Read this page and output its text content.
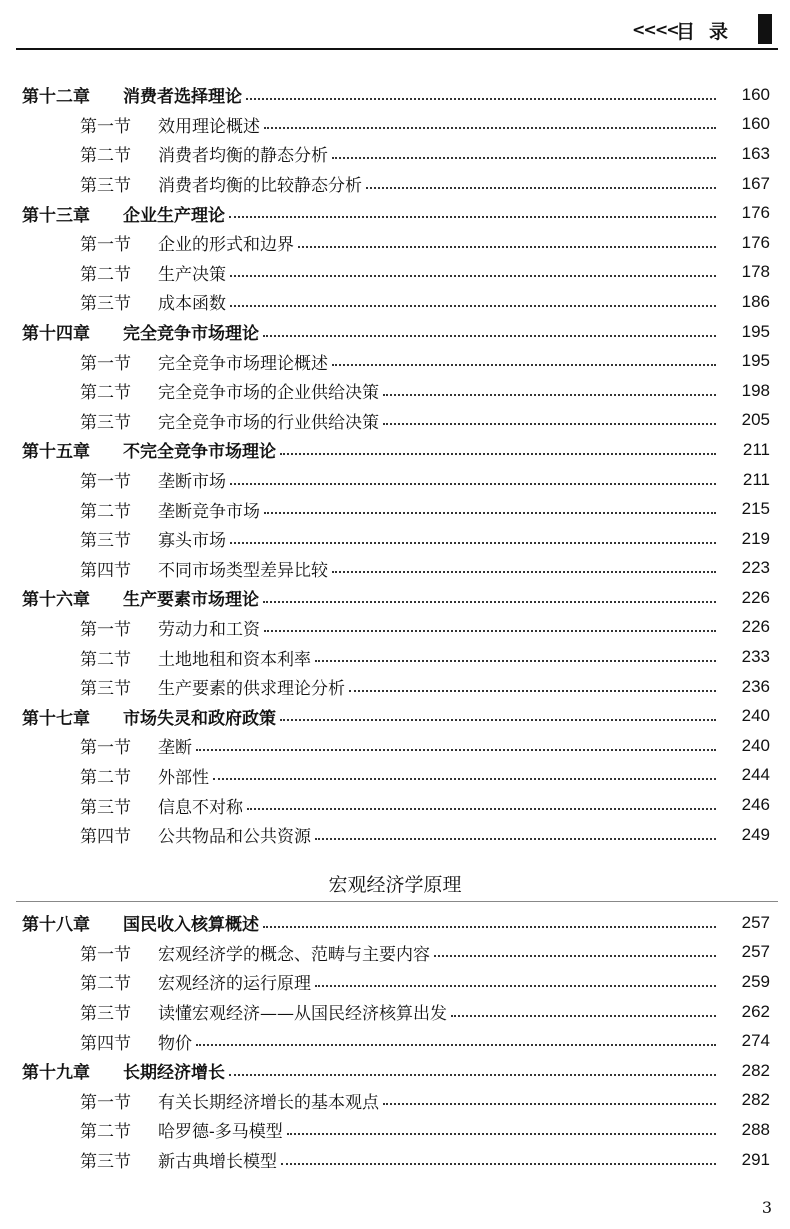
<<<<
目录
第十二章	消费者选择理论	160
第一节	效用理论概述	160
第二节	消费者均衡的静态分析	163
第三节	消费者均衡的比较静态分析	167
第十三章	企业生产理论	176
第一节	企业的形式和边界	176
第二节	生产决策	178
第三节	成本函数	186
第十四章	完全竞争市场理论	195
第一节	完全竞争市场理论概述	195
第二节	完全竞争市场的企业供给决策	198
第三节	完全竞争市场的行业供给决策	205
第十五章	不完全竞争市场理论	211
第一节	垄断市场	211
第二节	垄断竞争市场	215
第三节	寡头市场	219
第四节	不同市场类型差异比较	223
第十六章	生产要素市场理论	226
第一节	劳动力和工资	226
第二节	土地地租和资本利率	233
第三节	生产要素的供求理论分析	236
第十七章	市场失灵和政府政策	240
第一节	垄断	240
第二节	外部性	244
第三节	信息不对称	246
第四节	公共物品和公共资源	249
宏观经济学原理
第十八章	国民收入核算概述	257
第一节	宏观经济学的概念、范畴与主要内容	257
第二节	宏观经济的运行原理	259
第三节	读懂宏观经济——从国民经济核算出发	262
第四节	物价	274
第十九章	长期经济增长	282
第一节	有关长期经济增长的基本观点	282
第二节	哈罗德-多马模型	288
第三节	新古典增长模型	291
3
